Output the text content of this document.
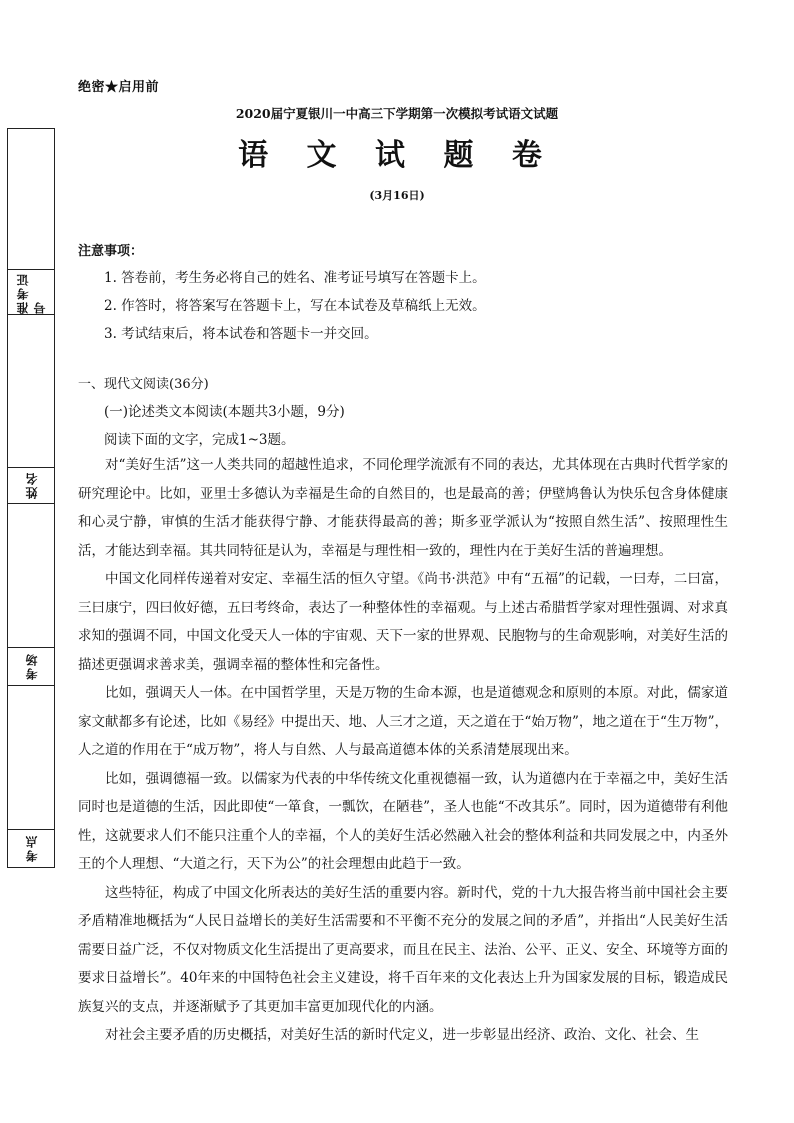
绝密★启用前
2020届宁夏银川一中高三下学期第一次模拟考试语文试题
语 文 试 题 卷
(3月16日)
准考证号
姓名
考场
考点
注意事项：
1. 答卷前，考生务必将自己的姓名、准考证号填写在答题卡上。
2. 作答时，将答案写在答题卡上，写在本试卷及草稿纸上无效。
3. 考试结束后，将本试卷和答题卡一并交回。
一、现代文阅读(36分)
(一)论述类文本阅读(本题共3小题，9分)
阅读下面的文字，完成1~3题。

对“美好生活”这一人类共同的超越性追求，不同伦理学流派有不同的表达，尤其体现在古典时代哲学家的研究理论中。比如，亚里士多德认为幸福是生命的自然目的，也是最高的善；伊壁鸠鲁认为快乐包含身体健康和心灵宁静，审慎的生活才能获得宁静、才能获得最高的善；斯多亚学派认为“按照自然生活”、按照理性生活，才能达到幸福。其共同特征是认为，幸福是与理性相一致的，理性内在于美好生活的普遍理想。

中国文化同样传递着对安定、幸福生活的恒久守望。《尚书·洪范》中有“五福”的记载，一曰寿，二曰富，三曰康宁，四曰攸好德，五曰考终命，表达了一种整体性的幸福观。与上述古希腊哲学家对理性强调、对求真求知的强调不同，中国文化受天人一体的宇宙观、天下一家的世界观、民胞物与的生命观影响，对美好生活的描述更强调求善求美，强调幸福的整体性和完备性。

比如，强调天人一体。在中国哲学里，天是万物的生命本源，也是道德观念和原则的本原。对此，儒家道家文献都多有论述，比如《易经》中提出天、地、人三才之道，天之道在于“始万物”，地之道在于“生万物”，人之道的作用在于“成万物”，将人与自然、人与最高道德本体的关系清楚展现出来。

比如，强调德福一致。以儒家为代表的中华传统文化重视德福一致，认为道德内在于幸福之中，美好生活同时也是道德的生活，因此即使“一箪食，一瓢饮，在陋巷”，圣人也能“不改其乐”。同时，因为道德带有利他性，这就要求人们不能只注重个人的幸福，个人的美好生活必然融入社会的整体利益和共同发展之中，内圣外王的个人理想、“大道之行，天下为公”的社会理想由此趋于一致。

这些特征，构成了中国文化所表达的美好生活的重要内容。新时代，党的十九大报告将当前中国社会主要矛盾精准地概括为“人民日益增长的美好生活需要和不平衡不充分的发展之间的矛盾”，并指出“人民美好生活需要日益广泛，不仅对物质文化生活提出了更高要求，而且在民主、法治、公平、正义、安全、环境等方面的要求日益增长”。40年来的中国特色社会主义建设，将千百年来的文化表达上升为国家发展的目标，锻造成民族复兴的支点，并逐渐赋予了其更加丰富更加现代化的内涵。

对社会主要矛盾的历史概括，对美好生活的新时代定义，进一步彰显出经济、政治、文化、社会、生
